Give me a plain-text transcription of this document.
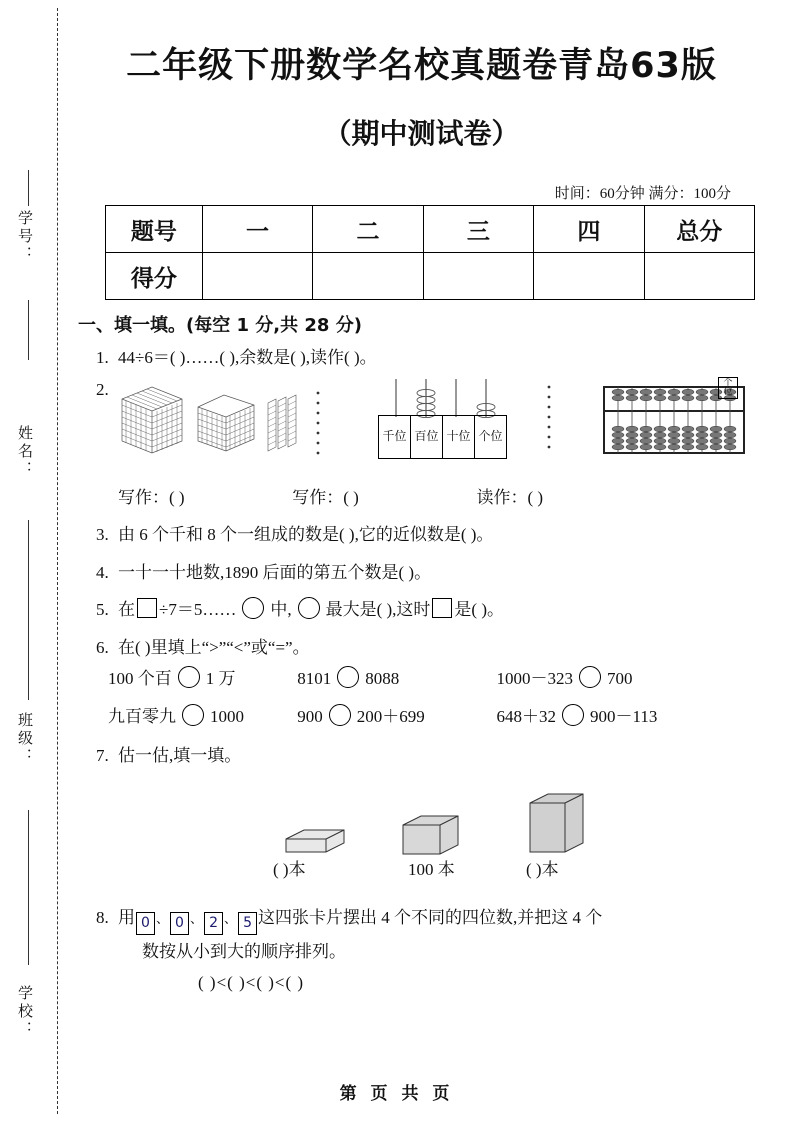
学号：
姓名：
班级：
学校：
二年级下册数学名校真题卷青岛63版
（期中测试卷）
时间：60分钟 满分：100分
题号	一	二	三	四	总分
得分					
一、填一填。(每空 1 分,共 28 分)
1. 44÷6＝( )……( ),余数是( ),读作( )。
2.
千位	百位	十位	个位
个位
写作：( )	写作：( )	读作：( )
3. 由 6 个千和 8 个一组成的数是( ),它的近似数是( )。
4. 一十一十地数,1890 后面的第五个数是( )。
5. 在 ÷7＝5…… 中, 最大是( ),这时 是( )。
6. 在( )里填上“>”“<”或“=”。
100 个百 1 万	8101 8088	1000－323 700
九百零九 1000	900 200＋699	648＋32 900－113
7. 估一估,填一填。
( )本	100 本	( )本
8. 用 0 、 0 、 2 、 5 这四张卡片摆出 4 个不同的四位数,并把这 4 个
数按从小到大的顺序排列。
( )<( )<( )<( )
第 页 共 页
